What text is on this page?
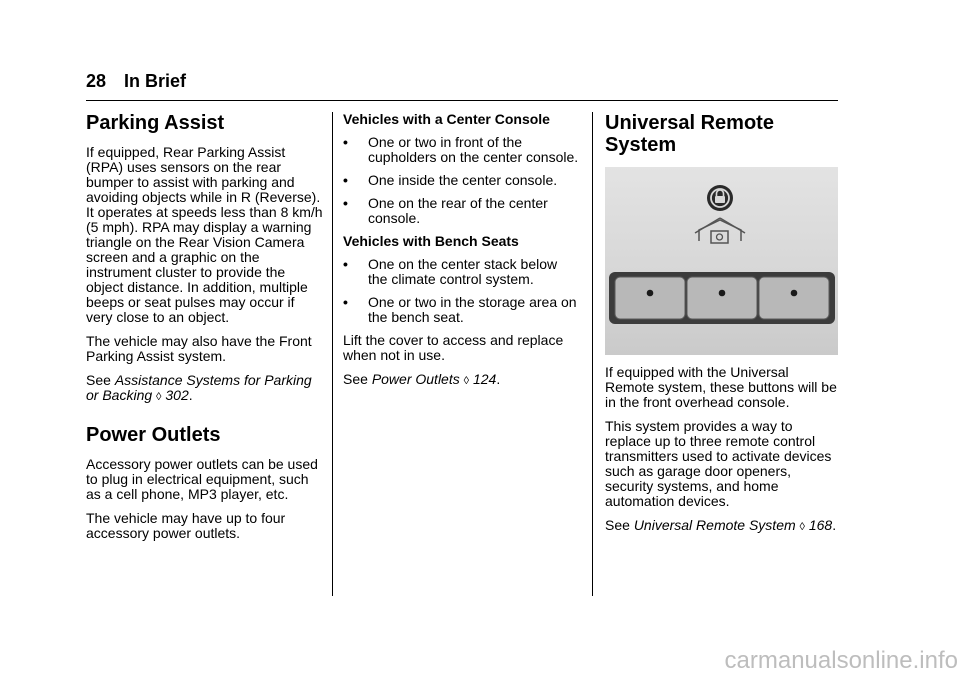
28 In Brief
Parking Assist

If equipped, Rear Parking Assist (RPA) uses sensors on the rear bumper to assist with parking and avoiding objects while in R (Reverse). It operates at speeds less than 8 km/h (5 mph). RPA may display a warning triangle on the Rear Vision Camera screen and a graphic on the instrument cluster to provide the object distance. In addition, multiple beeps or seat pulses may occur if very close to an object.

The vehicle may also have the Front Parking Assist system.

See Assistance Systems for Parking or Backing ◊ 302.

Power Outlets

Accessory power outlets can be used to plug in electrical equipment, such as a cell phone, MP3 player, etc.

The vehicle may have up to four accessory power outlets.

Vehicles with a Center Console

• One or two in front of the cupholders on the center console.
• One inside the center console.
• One on the rear of the center console.

Vehicles with Bench Seats

• One on the center stack below the climate control system.
• One or two in the storage area on the bench seat.

Lift the cover to access and replace when not in use.

See Power Outlets ◊ 124.

Universal Remote System

If equipped with the Universal Remote system, these buttons will be in the front overhead console.

This system provides a way to replace up to three remote control transmitters used to activate devices such as garage door openers, security systems, and home automation devices.

See Universal Remote System ◊ 168.

carmanualsonline.info
